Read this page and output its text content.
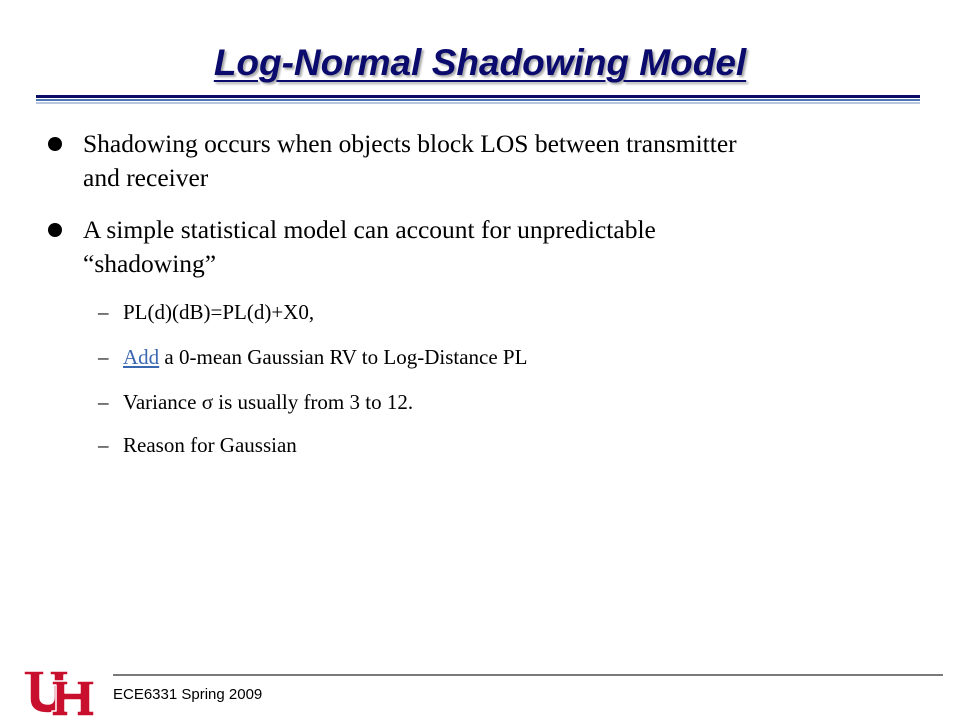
Log-Normal Shadowing Model
Shadowing occurs when objects block LOS between transmitter
and receiver
A simple statistical model can account for unpredictable
“shadowing”
– PL(d)(dB)=PL(d)+X0,
– Add a 0-mean Gaussian RV to Log-Distance PL
– Variance σ is usually from 3 to 12.
– Reason for Gaussian
ECE6331 Spring 2009
